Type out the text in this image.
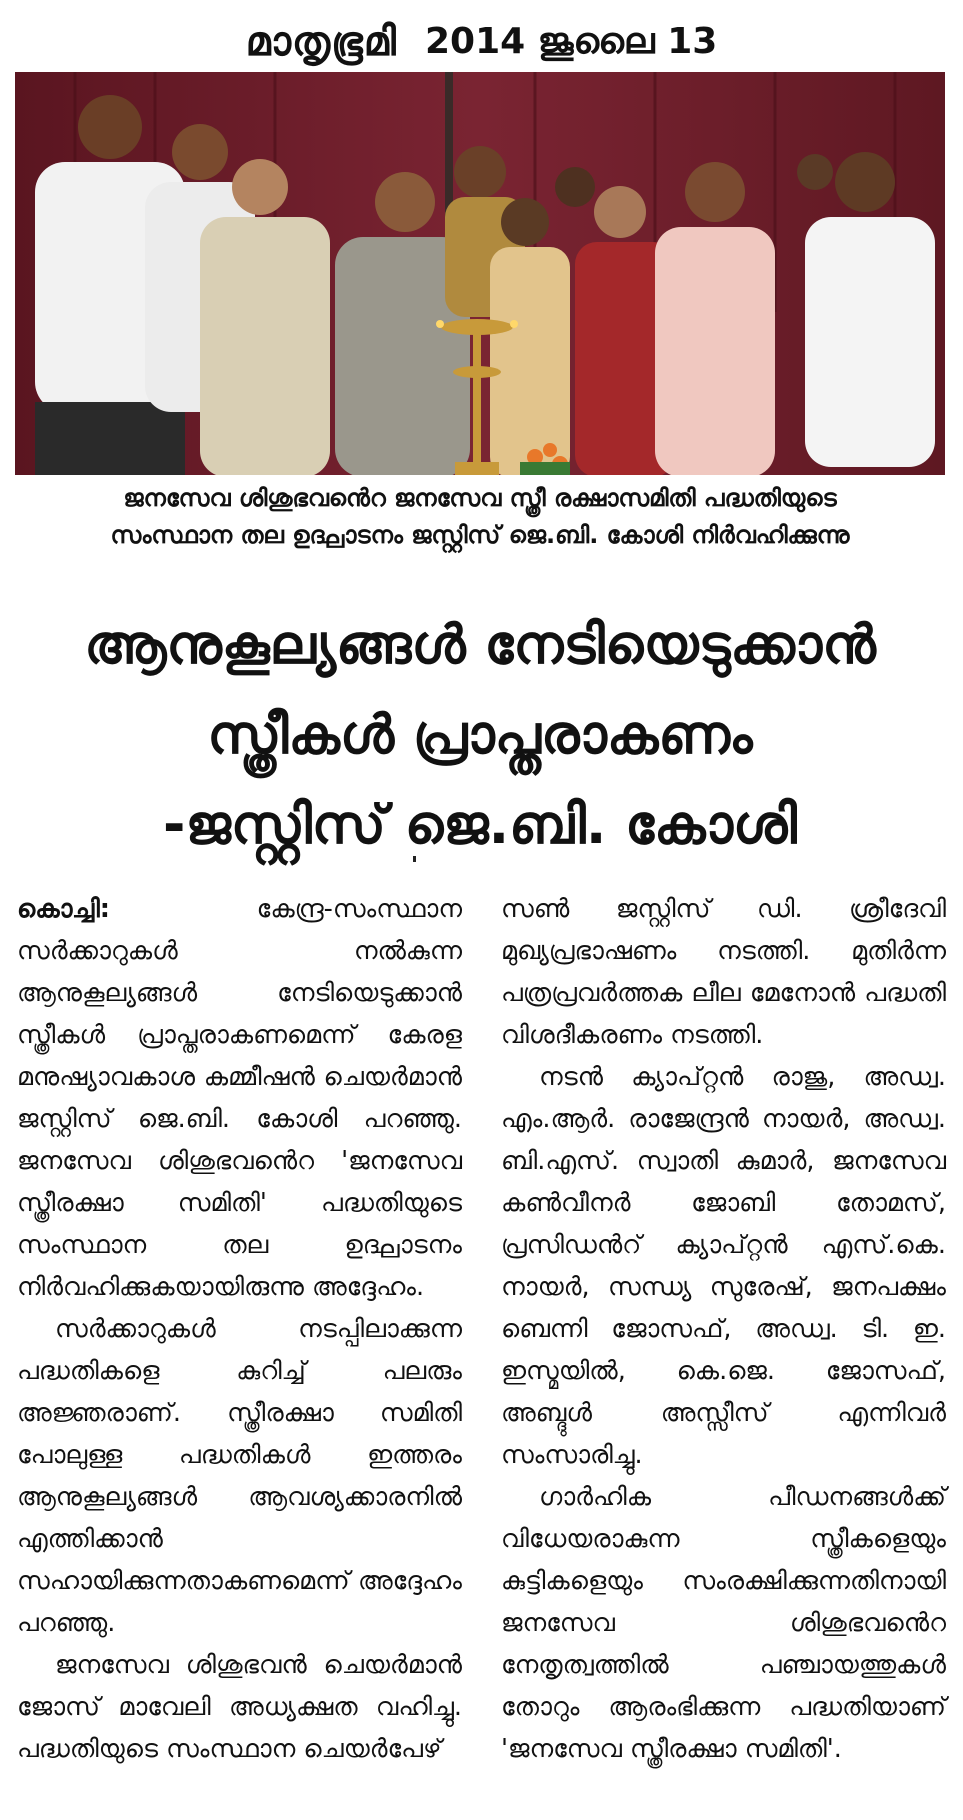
മാതൃഭൂമി 2014 ജൂലൈ 13
ജനസേവ ശിശുഭവൻെറ ജനസേവ സ്ത്രീ രക്ഷാസമിതി പദ്ധതിയുടെ
സംസ്ഥാന തല ഉദ്ഘാടനം ജസ്റ്റിസ് ജെ.ബി. കോശി നിർവഹിക്കുന്നു
ആനുകൂല്യങ്ങൾ നേടിയെടുക്കാൻ
സ്ത്രീകൾ പ്രാപ്തരാകണം
-ജസ്റ്റിസ് ജെ.ബി. കോശി

കൊച്ചി:	കേന്ദ്ര-സംസ്ഥാന സർക്കാറുകൾ നൽകുന്ന ആനുകൂല്യങ്ങൾ നേടിയെടുക്കാൻ സ്ത്രീകൾ പ്രാപ്തരാകണമെന്ന് കേരള മനുഷ്യാവകാശ കമ്മീഷൻ ചെയർമാൻ ജസ്റ്റിസ് ജെ.ബി. കോശി പറഞ്ഞു. ജനസേവ ശിശുഭവൻെറ 'ജനസേവ സ്ത്രീരക്ഷാ സമിതി' പദ്ധതിയുടെ സംസ്ഥാന തല ഉദ്ഘാടനം നിർവഹിക്കുകയായിരുന്നു അദ്ദേഹം.

സർക്കാറുകൾ നടപ്പിലാക്കുന്ന പദ്ധതികളെ കുറിച്ച് പലരും അജ്ഞരാണ്. സ്ത്രീരക്ഷാ സമിതി പോലുള്ള പദ്ധതികൾ ഇത്തരം ആനുകൂല്യങ്ങൾ ആവശ്യക്കാരനിൽ എത്തിക്കാൻ സഹായിക്കുന്നതാകണമെന്ന് അദ്ദേഹം പറഞ്ഞു.

ജനസേവ ശിശുഭവൻ ചെയർമാൻ ജോസ് മാവേലി അധ്യക്ഷത വഹിച്ചു. പദ്ധതിയുടെ സംസ്ഥാന ചെയർപേഴ്

സൺ ജസ്റ്റിസ് ഡി. ശ്രീദേവി മുഖ്യപ്രഭാഷണം നടത്തി. മുതിർന്ന പത്രപ്രവർത്തക ലീല മേനോൻ പദ്ധതി വിശദീകരണം നടത്തി.

നടൻ ക്യാപ്റ്റൻ രാജു, അഡ്വ. എം.ആർ. രാജേന്ദ്രൻ നായർ, അഡ്വ. ബി.എസ്. സ്വാതി കുമാർ, ജനസേവ കൺവീനർ ജോബി തോമസ്, പ്രസിഡൻറ് ക്യാപ്റ്റൻ എസ്.കെ. നായർ, സന്ധ്യ സുരേഷ്, ജനപക്ഷം ബെന്നി ജോസഫ്, അഡ്വ. ടി. ഇ. ഇസ്മയിൽ, കെ.ജെ. ജോസഫ്, അബ്ദുൾ അസ്സീസ് എന്നിവർ സംസാരിച്ചു.

ഗാർഹിക പീഡനങ്ങൾക്ക് വിധേയരാകുന്ന സ്ത്രീകളെയും കുട്ടികളെയും സംരക്ഷിക്കുന്നതിനായി ജനസേവ ശിശുഭവൻെറ നേതൃത്വത്തിൽ പഞ്ചായത്തുകൾ തോറും ആരംഭിക്കുന്ന പദ്ധതിയാണ് 'ജനസേവ സ്ത്രീരക്ഷാ സമിതി'.
